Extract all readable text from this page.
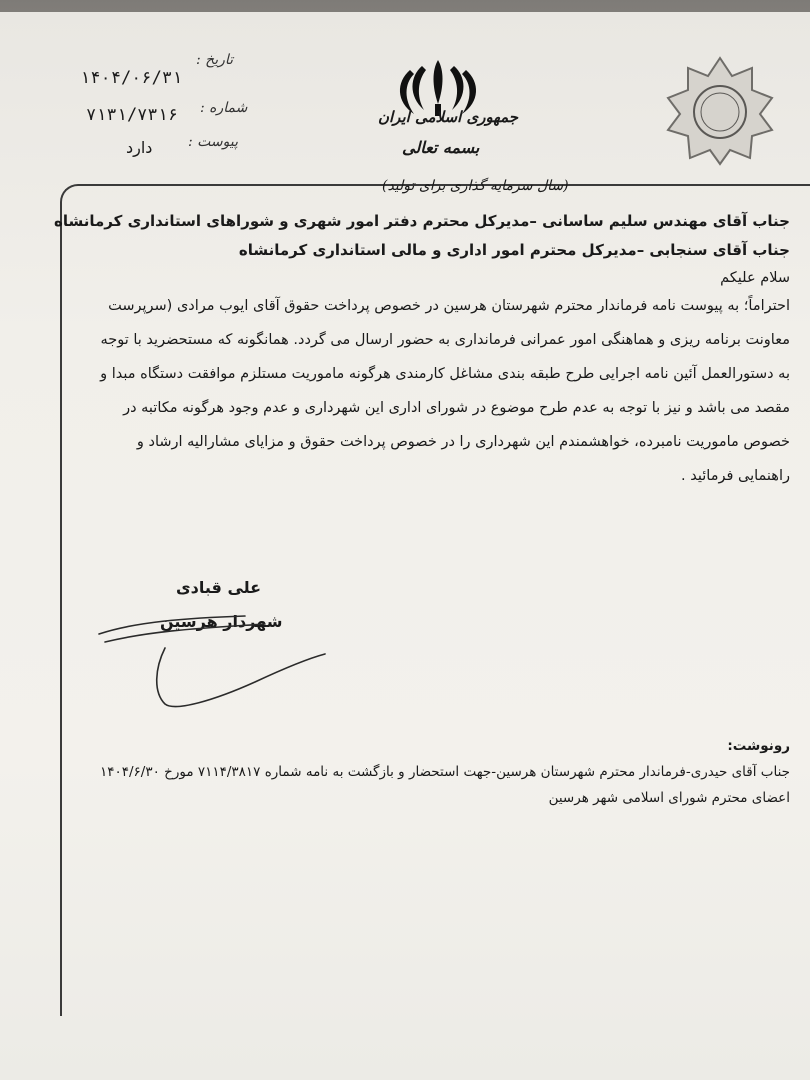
تاریخ :
۱۴۰۴/۰۶/۳۱
شماره :
۷۱۳۱/۷۳۱۶
پیوست :
دارد
جمهوری اسلامی ایران
بسمه تعالی
(سال سرمایه گذاری برای تولید)
جناب آقای مهندس سلیم ساسانی –مدیرکل محترم دفتر امور شهری و شوراهای استانداری کرمانشاه
جناب آقای سنجابی –مدیرکل محترم امور اداری و مالی استانداری کرمانشاه
سلام علیکم
احتراماً؛ به پیوست نامه فرماندار محترم شهرستان هرسین در خصوص پرداخت حقوق آقای ایوب مرادی (سرپرست
معاونت برنامه ریزی و هماهنگی امور عمرانی فرمانداری به حضور ارسال می گردد. همانگونه که مستحضرید با توجه
به دستورالعمل آئین نامه اجرایی طرح طبقه بندی مشاغل کارمندی هرگونه ماموریت مستلزم موافقت دستگاه مبدا و
مقصد می باشد و نیز با توجه به عدم طرح موضوع در شورای اداری این شهرداری و عدم وجود هرگونه مکاتبه در
خصوص ماموریت نامبرده، خواهشمندم این شهرداری را در خصوص پرداخت حقوق و مزایای مشارالیه ارشاد و
راهنمایی فرمائید .
علی قبادی
شهردار هرسین
رونوشت:
جناب آقای حیدری-فرماندار محترم شهرستان هرسین-جهت استحضار و بازگشت به نامه شماره ۷۱۱۴/۳۸۱۷ مورخ ۱۴۰۴/۶/۳۰
اعضای محترم شورای اسلامی شهر هرسین
